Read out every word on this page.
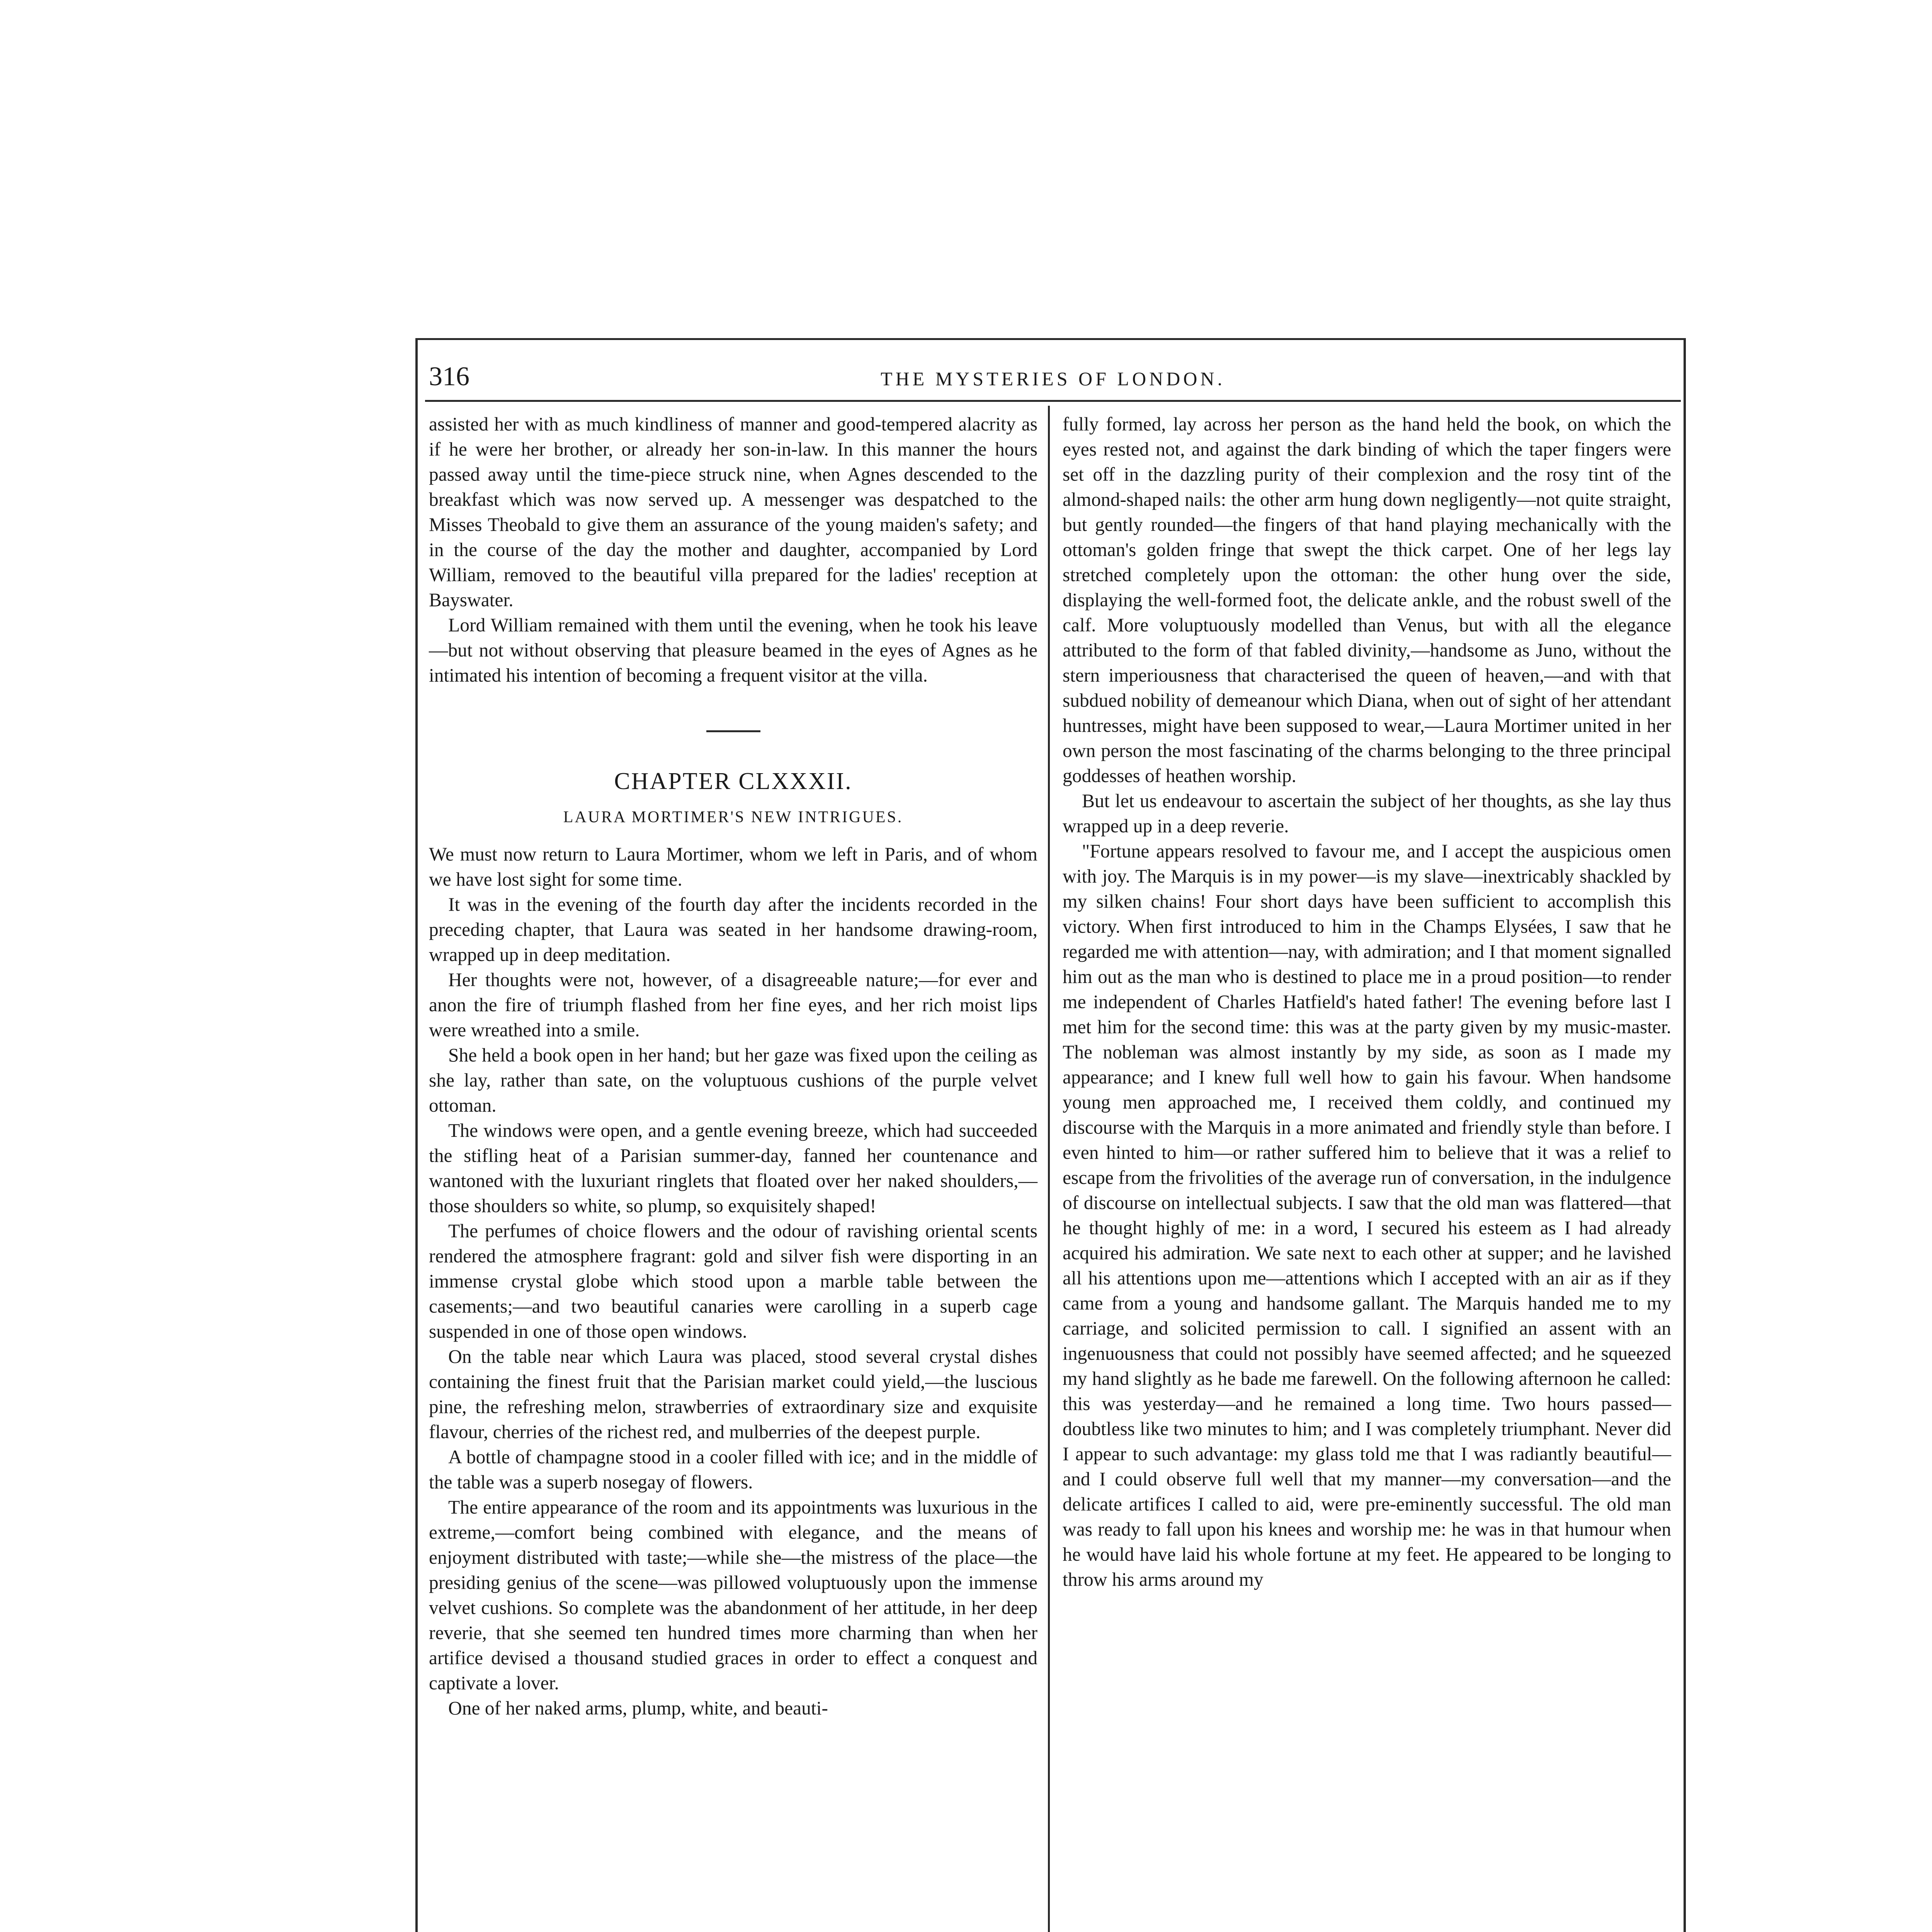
316	THE MYSTERIES OF LONDON.

assisted her with as much kindliness of manner and good-tempered alacrity as if he were her brother, or already her son-in-law. In this manner the hours passed away until the time-piece struck nine, when Agnes descended to the breakfast which was now served up. A messenger was despatched to the Misses Theobald to give them an assurance of the young maiden's safety; and in the course of the day the mother and daughter, accompanied by Lord William, removed to the beautiful villa prepared for the ladies' reception at Bayswater.

Lord William remained with them until the evening, when he took his leave—but not without observing that pleasure beamed in the eyes of Agnes as he intimated his intention of becoming a frequent visitor at the villa.

CHAPTER CLXXXII.
LAURA MORTIMER'S NEW INTRIGUES.

We must now return to Laura Mortimer, whom we left in Paris, and of whom we have lost sight for some time.

It was in the evening of the fourth day after the incidents recorded in the preceding chapter, that Laura was seated in her handsome drawing-room, wrapped up in deep meditation.

Her thoughts were not, however, of a disagreeable nature;—for ever and anon the fire of triumph flashed from her fine eyes, and her rich moist lips were wreathed into a smile.

She held a book open in her hand; but her gaze was fixed upon the ceiling as she lay, rather than sate, on the voluptuous cushions of the purple velvet ottoman.

The windows were open, and a gentle evening breeze, which had succeeded the stifling heat of a Parisian summer-day, fanned her countenance and wantoned with the luxuriant ringlets that floated over her naked shoulders,—those shoulders so white, so plump, so exquisitely shaped!

The perfumes of choice flowers and the odour of ravishing oriental scents rendered the atmosphere fragrant: gold and silver fish were disporting in an immense crystal globe which stood upon a marble table between the casements;—and two beautiful canaries were carolling in a superb cage suspended in one of those open windows.

On the table near which Laura was placed, stood several crystal dishes containing the finest fruit that the Parisian market could yield,—the luscious pine, the refreshing melon, strawberries of extraordinary size and exquisite flavour, cherries of the richest red, and mulberries of the deepest purple.

A bottle of champagne stood in a cooler filled with ice; and in the middle of the table was a superb nosegay of flowers.

The entire appearance of the room and its appointments was luxurious in the extreme,—comfort being combined with elegance, and the means of enjoyment distributed with taste;—while she—the mistress of the place—the presiding genius of the scene—was pillowed voluptuously upon the immense velvet cushions. So complete was the abandonment of her attitude, in her deep reverie, that she seemed ten hundred times more charming than when her artifice devised a thousand studied graces in order to effect a conquest and captivate a lover.

One of her naked arms, plump, white, and beauti-

fully formed, lay across her person as the hand held the book, on which the eyes rested not, and against the dark binding of which the taper fingers were set off in the dazzling purity of their complexion and the rosy tint of the almond-shaped nails: the other arm hung down negligently—not quite straight, but gently rounded—the fingers of that hand playing mechanically with the ottoman's golden fringe that swept the thick carpet. One of her legs lay stretched completely upon the ottoman: the other hung over the side, displaying the well-formed foot, the delicate ankle, and the robust swell of the calf. More voluptuously modelled than Venus, but with all the elegance attributed to the form of that fabled divinity,—handsome as Juno, without the stern imperiousness that characterised the queen of heaven,—and with that subdued nobility of demeanour which Diana, when out of sight of her attendant huntresses, might have been supposed to wear,—Laura Mortimer united in her own person the most fascinating of the charms belonging to the three principal goddesses of heathen worship.

But let us endeavour to ascertain the subject of her thoughts, as she lay thus wrapped up in a deep reverie.

"Fortune appears resolved to favour me, and I accept the auspicious omen with joy. The Marquis is in my power—is my slave—inextricably shackled by my silken chains! Four short days have been sufficient to accomplish this victory. When first introduced to him in the Champs Elysées, I saw that he regarded me with attention—nay, with admiration; and I that moment signalled him out as the man who is destined to place me in a proud position—to render me independent of Charles Hatfield's hated father! The evening before last I met him for the second time: this was at the party given by my music-master. The nobleman was almost instantly by my side, as soon as I made my appearance; and I knew full well how to gain his favour. When handsome young men approached me, I received them coldly, and continued my discourse with the Marquis in a more animated and friendly style than before. I even hinted to him—or rather suffered him to believe that it was a relief to escape from the frivolities of the average run of conversation, in the indulgence of discourse on intellectual subjects. I saw that the old man was flattered—that he thought highly of me: in a word, I secured his esteem as I had already acquired his admiration. We sate next to each other at supper; and he lavished all his attentions upon me—attentions which I accepted with an air as if they came from a young and handsome gallant. The Marquis handed me to my carriage, and solicited permission to call. I signified an assent with an ingenuousness that could not possibly have seemed affected; and he squeezed my hand slightly as he bade me farewell. On the following afternoon he called: this was yesterday—and he remained a long time. Two hours passed—doubtless like two minutes to him; and I was completely triumphant. Never did I appear to such advantage: my glass told me that I was radiantly beautiful—and I could observe full well that my manner—my conversation—and the delicate artifices I called to aid, were pre-eminently successful. The old man was ready to fall upon his knees and worship me: he was in that humour when he would have laid his whole fortune at my feet. He appeared to be longing to throw his arms around my
